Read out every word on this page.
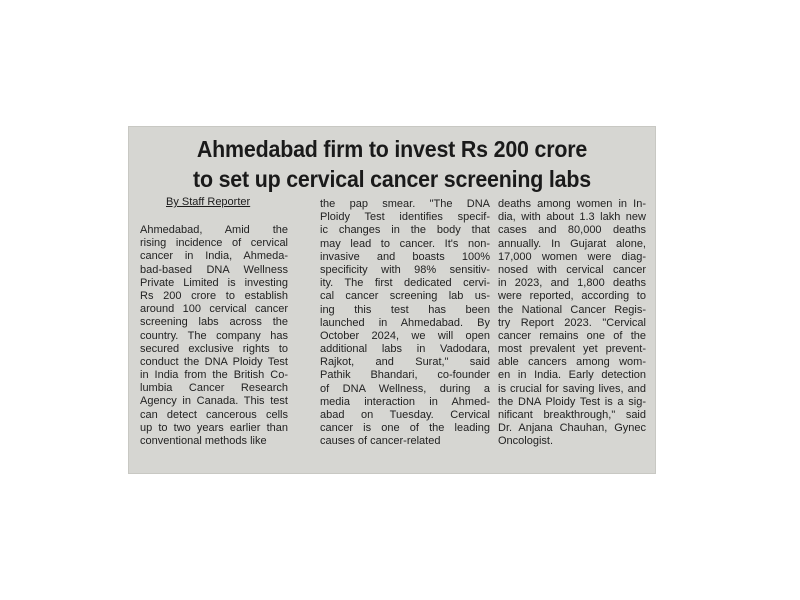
Ahmedabad firm to invest Rs 200 crore
to set up cervical cancer screening labs
By Staff Reporter
Ahmedabad, Amid the
rising incidence of cervical
cancer in India, Ahmeda-
bad-based DNA Wellness
Private Limited is investing
Rs 200 crore to establish
around 100 cervical cancer
screening labs across the
country. The company has
secured exclusive rights to
conduct the DNA Ploidy Test
in India from the British Co-
lumbia Cancer Research
Agency in Canada. This test
can detect cancerous cells
up to two years earlier than
conventional methods like
the pap smear. "The DNA
Ploidy Test identifies specif-
ic changes in the body that
may lead to cancer. It's non-
invasive and boasts 100%
specificity with 98% sensitiv-
ity. The first dedicated cervi-
cal cancer screening lab us-
ing this test has been
launched in Ahmedabad. By
October 2024, we will open
additional labs in Vadodara,
Rajkot, and Surat," said
Pathik Bhandari, co-founder
of DNA Wellness, during a
media interaction in Ahmed-
abad on Tuesday. Cervical
cancer is one of the leading
causes of cancer-related
deaths among women in In-
dia, with about 1.3 lakh new
cases and 80,000 deaths
annually. In Gujarat alone,
17,000 women were diag-
nosed with cervical cancer
in 2023, and 1,800 deaths
were reported, according to
the National Cancer Regis-
try Report 2023. "Cervical
cancer remains one of the
most prevalent yet prevent-
able cancers among wom-
en in India. Early detection
is crucial for saving lives, and
the DNA Ploidy Test is a sig-
nificant breakthrough," said
Dr. Anjana Chauhan, Gynec
Oncologist.
